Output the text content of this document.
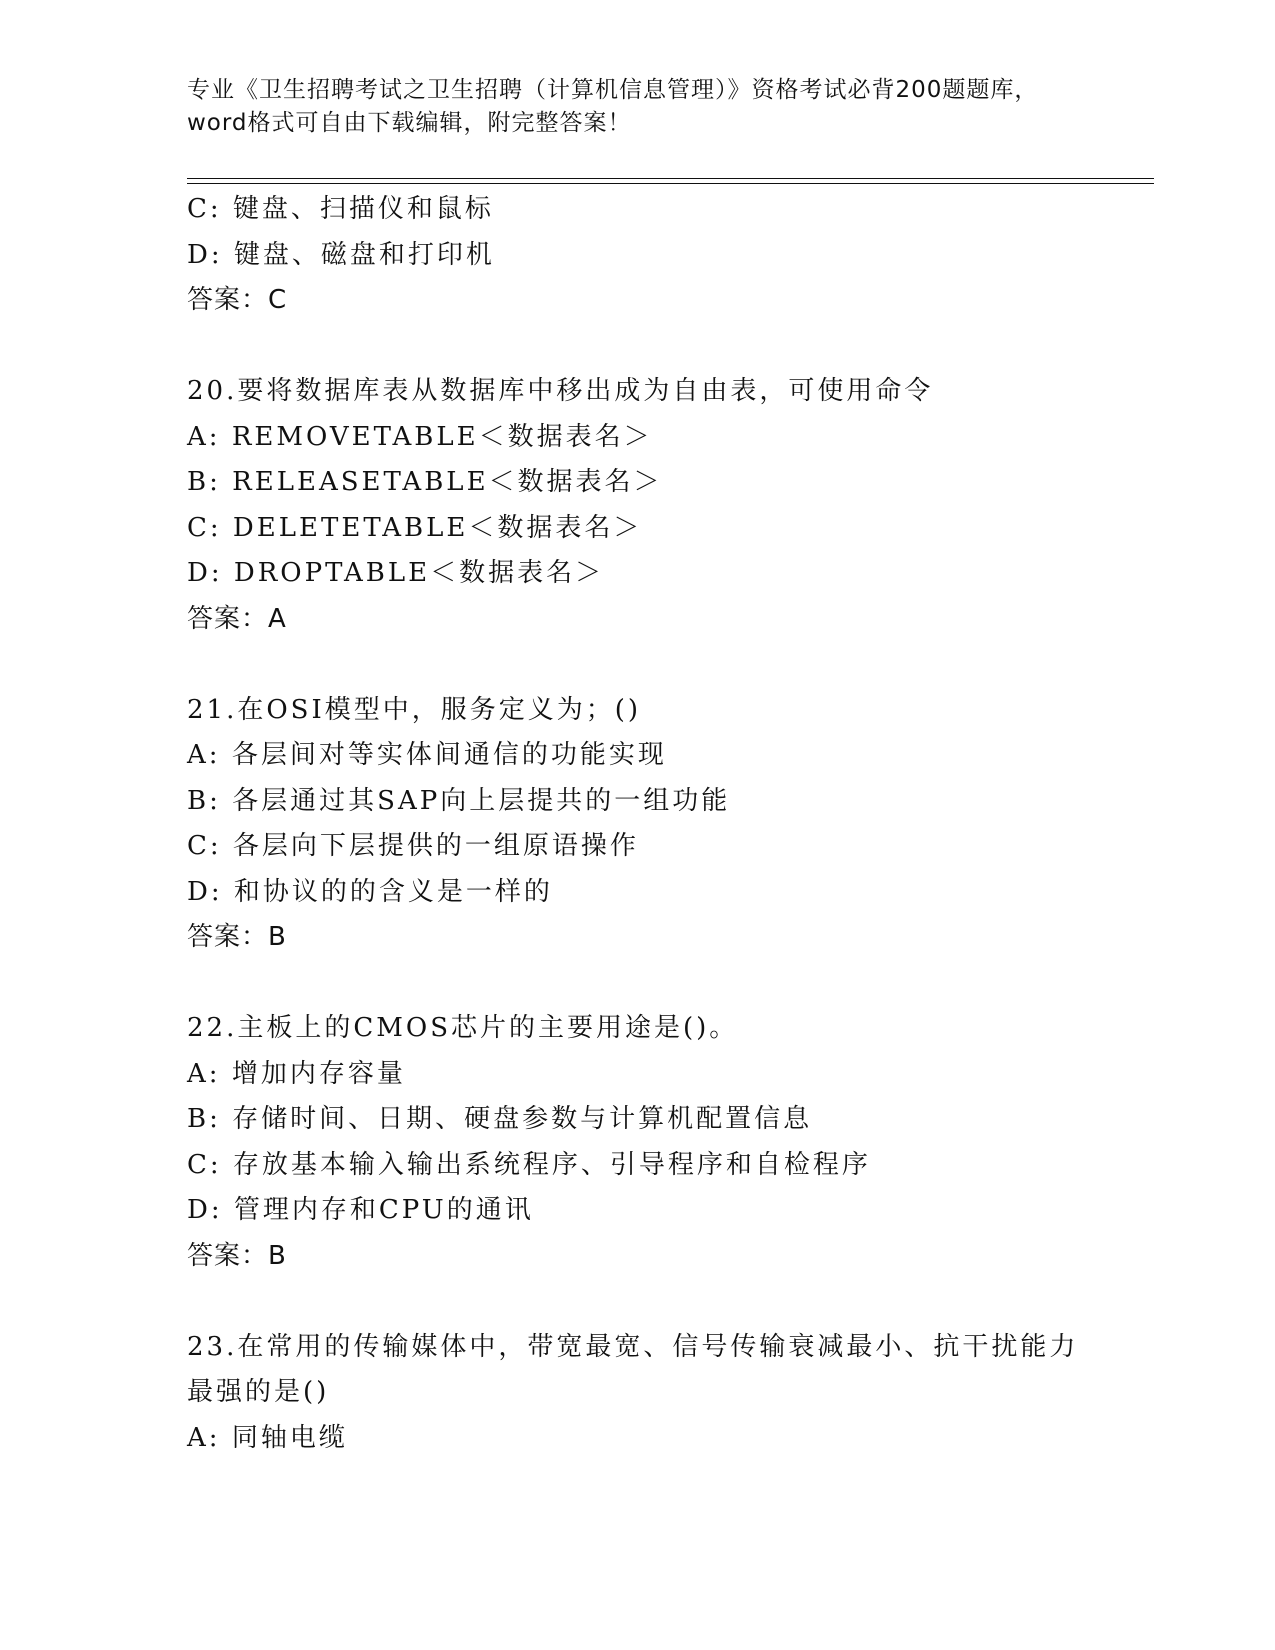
专业《卫生招聘考试之卫生招聘（计算机信息管理）》资格考试必背200题题库，
word格式可自由下载编辑，附完整答案！
C: 键盘、扫描仪和鼠标
D: 键盘、磁盘和打印机
答案：C
20.要将数据库表从数据库中移出成为自由表，可使用命令
A: REMOVETABLE＜数据表名＞
B: RELEASETABLE＜数据表名＞
C: DELETETABLE＜数据表名＞
D: DROPTABLE＜数据表名＞
答案：A
21.在OSI模型中，服务定义为；()
A: 各层间对等实体间通信的功能实现
B: 各层通过其SAP向上层提共的一组功能
C: 各层向下层提供的一组原语操作
D: 和协议的的含义是一样的
答案：B
22.主板上的CMOS芯片的主要用途是()。
A: 增加内存容量
B: 存储时间、日期、硬盘参数与计算机配置信息
C: 存放基本输入输出系统程序、引导程序和自检程序
D: 管理内存和CPU的通讯
答案：B
23.在常用的传输媒体中，带宽最宽、信号传输衰减最小、抗干扰能力
最强的是()
A: 同轴电缆
